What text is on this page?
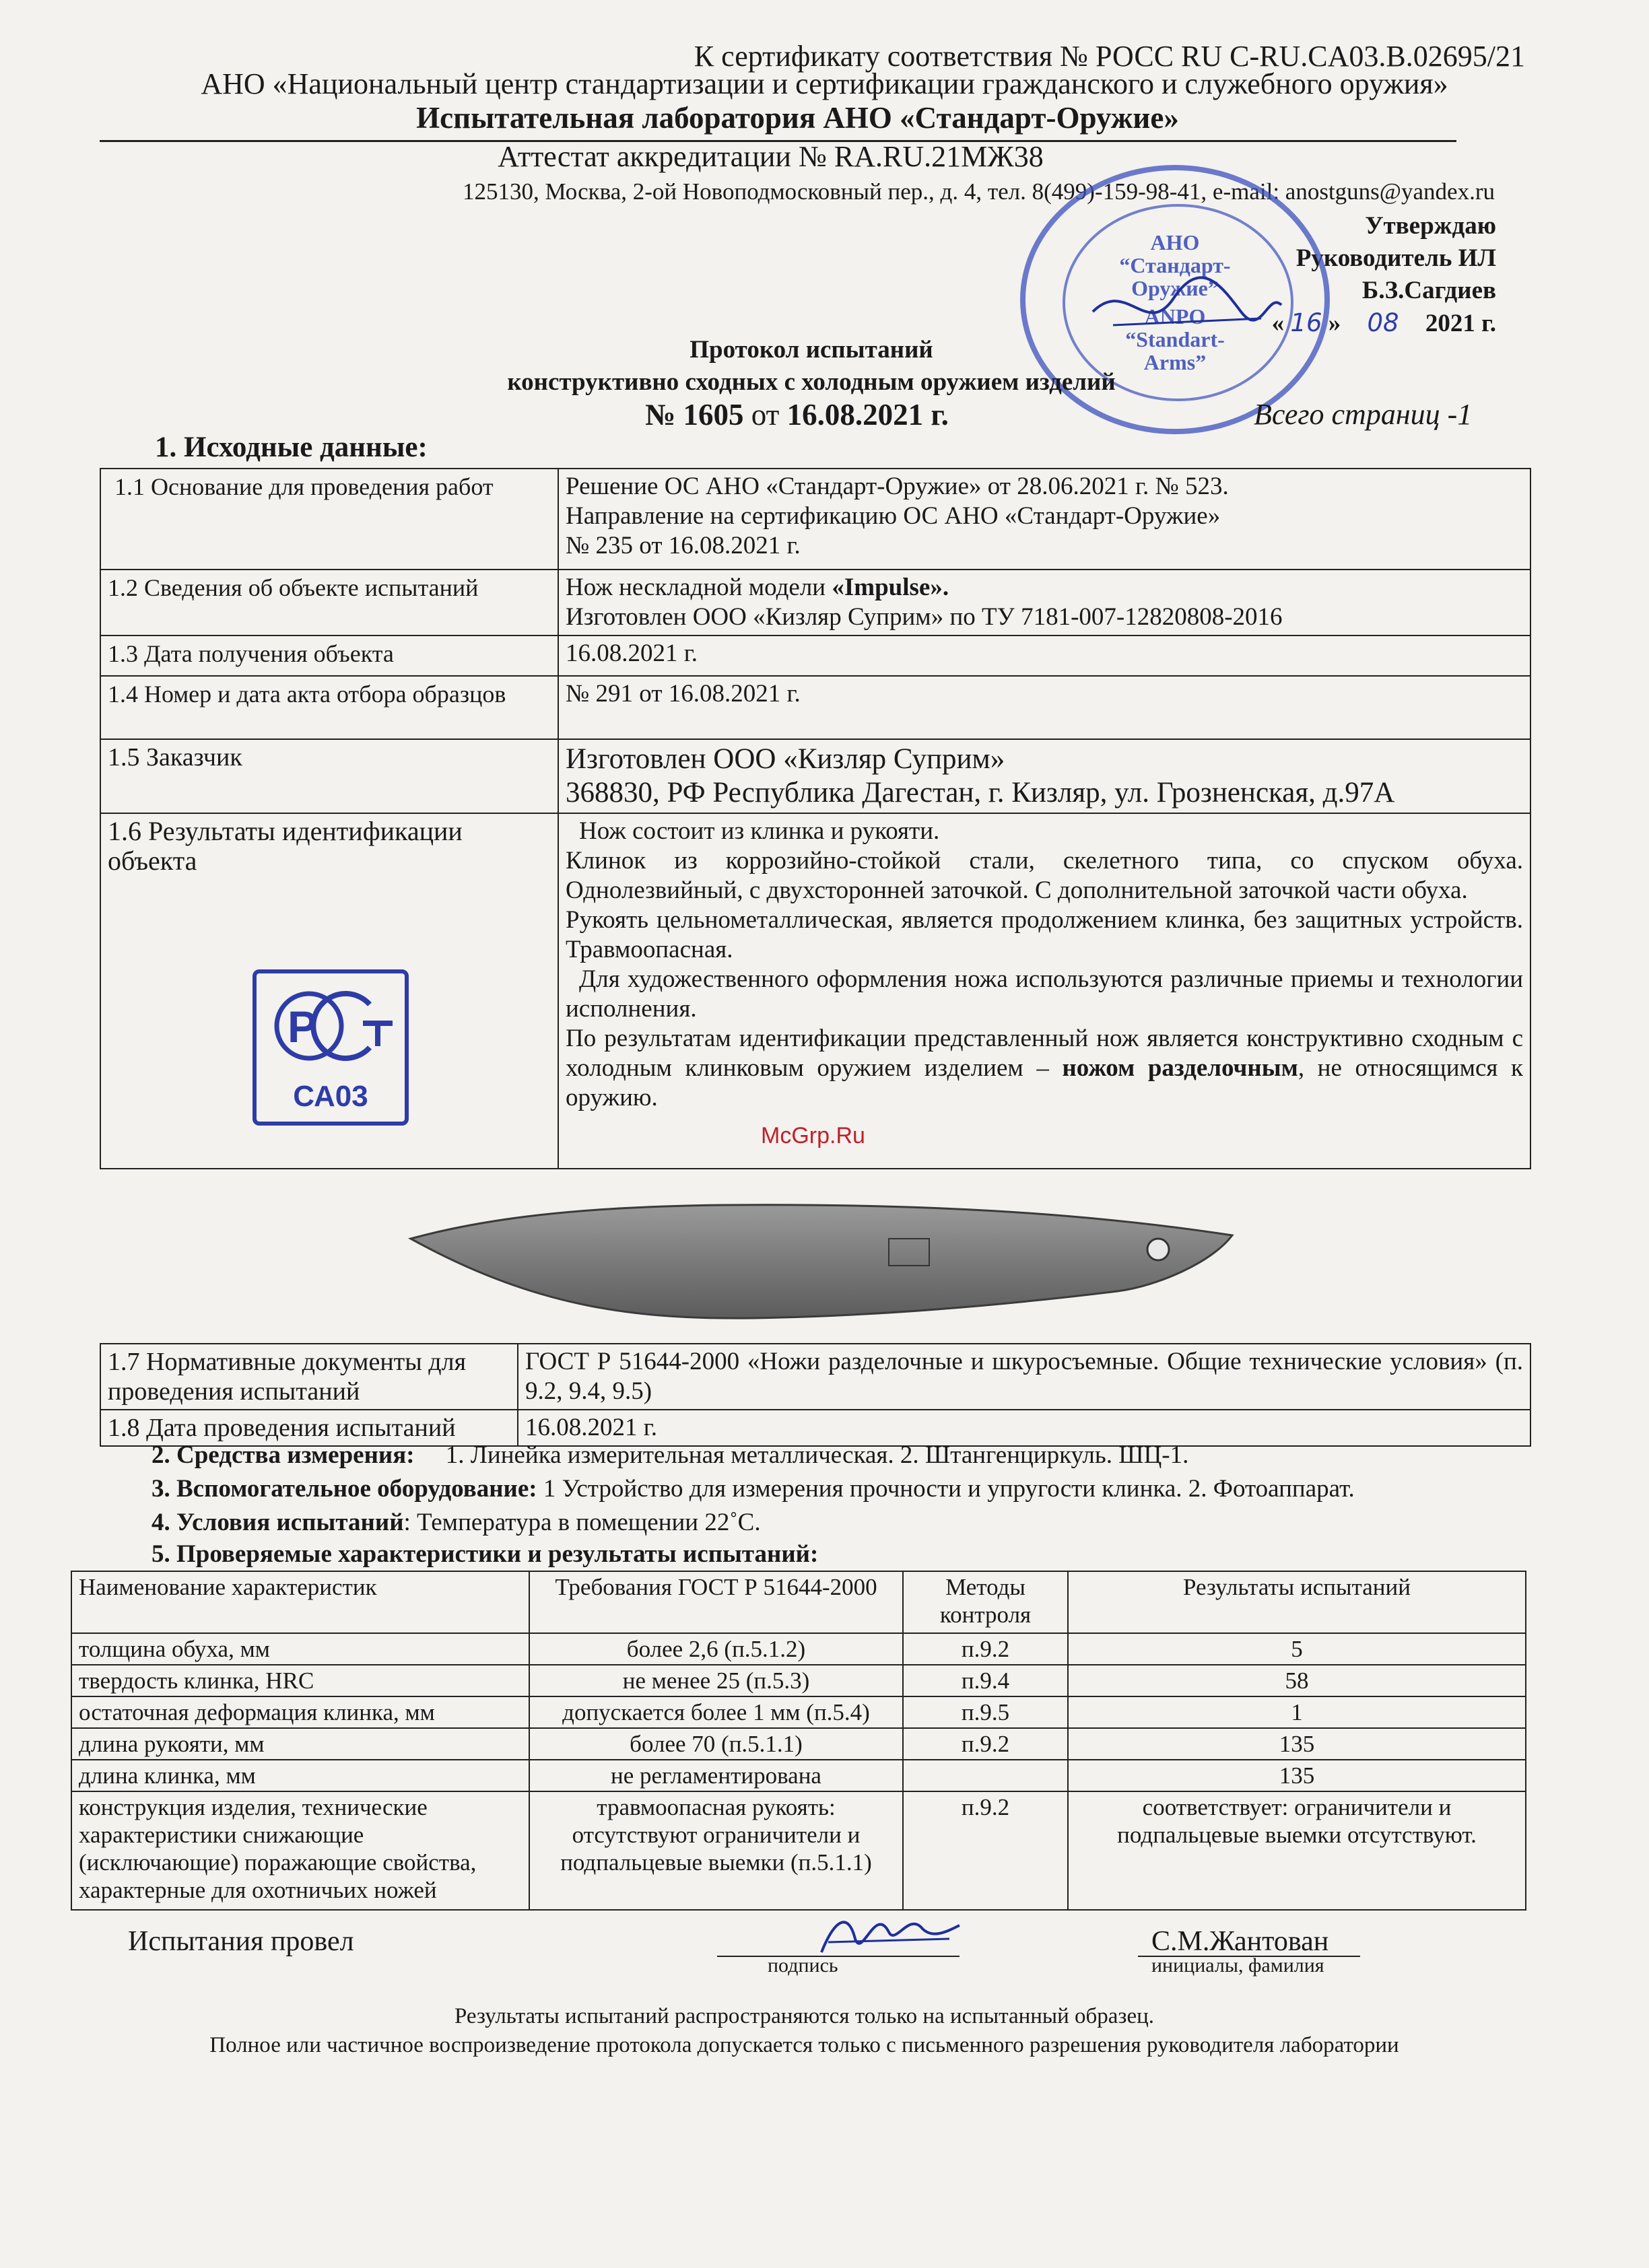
К сертификату соответствия № РОСС RU C-RU.CA03.B.02695/21
АНО «Национальный центр стандартизации и сертификации гражданского и служебного оружия»
Испытательная лаборатория АНО «Стандарт-Оружие»
Аттестат аккредитации № RA.RU.21МЖ38
125130, Москва, 2-ой Новоподмосковный пер., д. 4, тел. 8(499)-159-98-41, e-mail: anostguns@yandex.ru
Утверждаю
Руководитель ИЛ
Б.З.Сагдиев
« 16 » 08 2021 г.
АНО
“Стандарт-
Оружие”
ANPO
“Standart-
Arms”
Протокол испытаний
конструктивно сходных с холодным оружием изделий
№ 1605 от 16.08.2021 г.	Всего страниц -1
1. Исходные данные:
1.1 Основание для проведения работ	Решение ОС АНО «Стандарт-Оружие» от 28.06.2021 г. № 523.
Направление на сертификацию ОС АНО «Стандарт-Оружие»
№ 235 от 16.08.2021 г.

1.2 Сведения об объекте испытаний	Нож нескладной модели «Impulse».
Изготовлен ООО «Кизляр Суприм» по ТУ 7181-007-12820808-2016

1.3 Дата получения объекта	16.08.2021 г.
1.4 Номер и дата акта отбора образцов	№ 291 от 16.08.2021 г.
1.5 Заказчик	Изготовлен ООО «Кизляр Суприм»
368830, РФ Республика Дагестан, г. Кизляр, ул. Грозненская, д.97А

1.6 Результаты идентификации объекта	Нож состоит из клинка и рукояти.
Клинок из коррозийно-стойкой стали, скелетного типа, со спуском обуха. Однолезвийный, с двухсторонней заточкой. С дополнительной заточкой части обуха.
Рукоять цельнометаллическая, является продолжением клинка, без защитных устройств. Травмоопасная.
Для художественного оформления ножа используются различные приемы и технологии исполнения.
По результатам идентификации представленный нож является конструктивно сходным с холодным клинковым оружием изделием – ножом разделочным, не относящимся к оружию.
Р
СА03
McGrp.Ru
1.7 Нормативные документы для проведения испытаний	ГОСТ Р 51644-2000 «Ножи разделочные и шкуросъемные. Общие технические условия» (п. 9.2, 9.4, 9.5)
1.8 Дата проведения испытаний	16.08.2021 г.
2. Средства измерения: 1. Линейка измерительная металлическая. 2. Штангенциркуль. ШЦ-1.
3. Вспомогательное оборудование: 1 Устройство для измерения прочности и упругости клинка. 2. Фотоаппарат.
4. Условия испытаний: Температура в помещении 22˚С.
5. Проверяемые характеристики и результаты испытаний:
Наименование характеристик	Требования ГОСТ Р 51644-2000	Методы контроля	Результаты испытаний
толщина обуха, мм	более 2,6 (п.5.1.2)	п.9.2	5
твердость клинка, HRC	не менее 25 (п.5.3)	п.9.4	58
остаточная деформация клинка, мм	допускается более 1 мм (п.5.4)	п.9.5	1
длина рукояти, мм	более 70 (п.5.1.1)	п.9.2	135
длина клинка, мм	не регламентирована		135
конструкция изделия, технические характеристики снижающие (исключающие) поражающие свойства, характерные для охотничьих ножей	травмоопасная рукоять: отсутствуют ограничители и подпальцевые выемки (п.5.1.1)	п.9.2	соответствует: ограничители и подпальцевые выемки отсутствуют.
Испытания провел
подпись
С.М.Жантован
инициалы, фамилия
Результаты испытаний распространяются только на испытанный образец.
Полное или частичное воспроизведение протокола допускается только с письменного разрешения руководителя лаборатории
